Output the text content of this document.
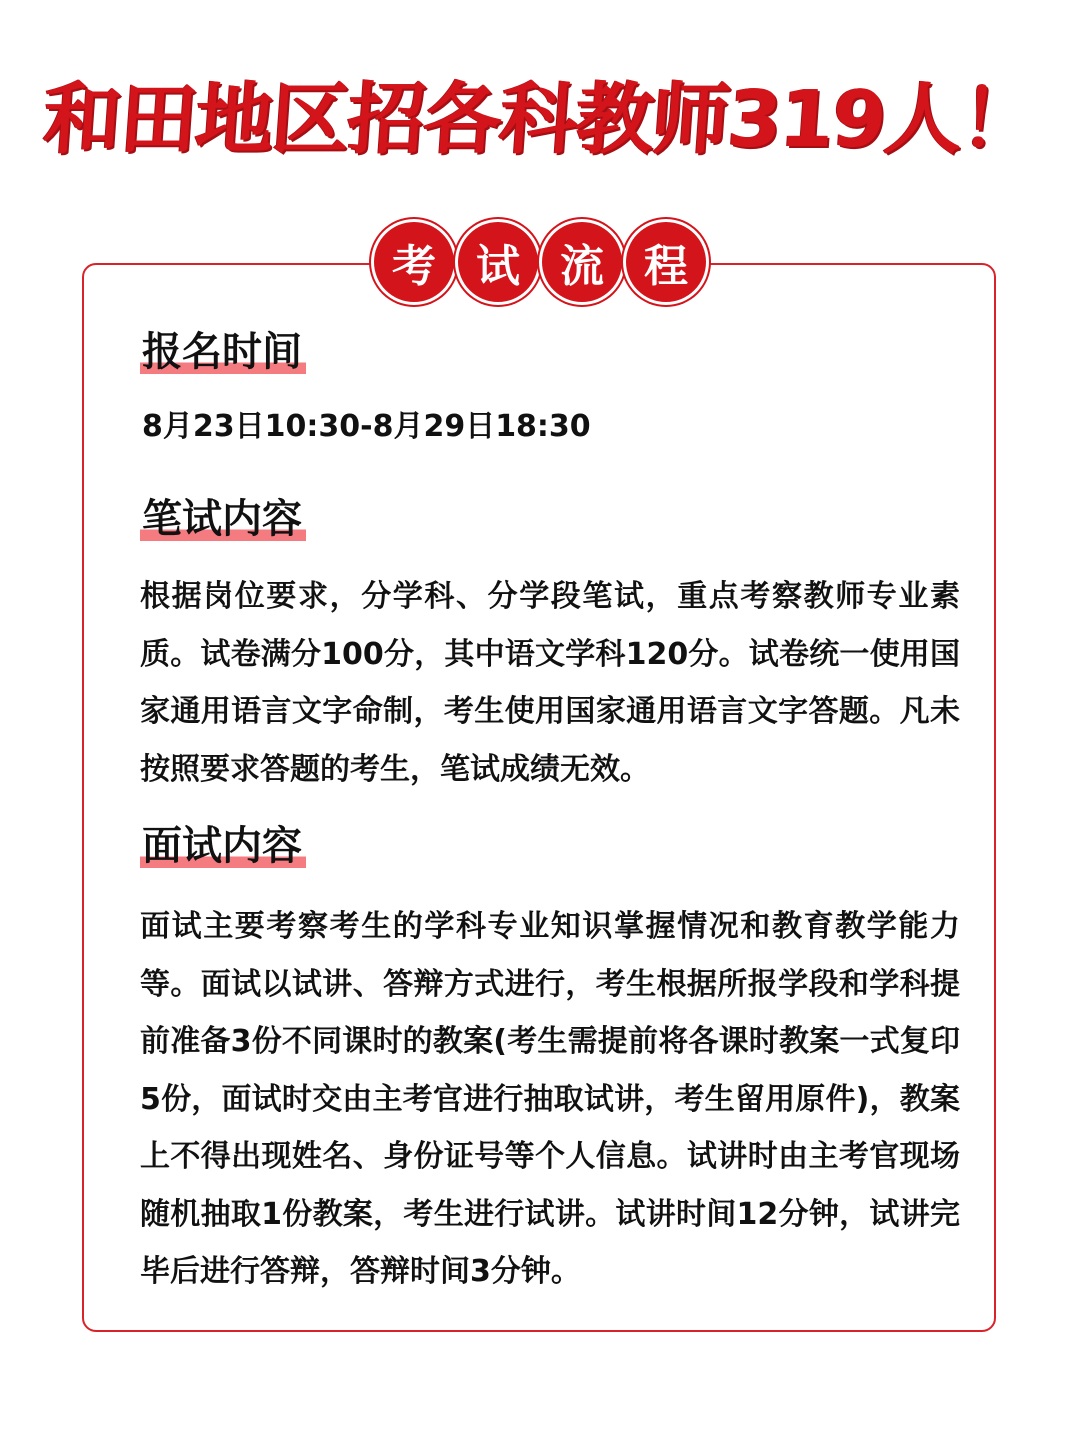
和田地区招各科教师319人！
考 试 流 程
报名时间
8月23日10:30-8月29日18:30
笔试内容

根据岗位要求，分学科、分学段笔试，重点考察教师专业素质。试卷满分100分，其中语文学科120分。试卷统一使用国家通用语言文字命制，考生使用国家通用语言文字答题。凡未按照要求答题的考生，笔试成绩无效。

面试内容

面试主要考察考生的学科专业知识掌握情况和教育教学能力等。面试以试讲、答辩方式进行，考生根据所报学段和学科提前准备3份不同课时的教案(考生需提前将各课时教案一式复印5份，面试时交由主考官进行抽取试讲，考生留用原件)，教案上不得出现姓名、身份证号等个人信息。试讲时由主考官现场随机抽取1份教案，考生进行试讲。试讲时间12分钟，试讲完毕后进行答辩，答辩时间3分钟。
